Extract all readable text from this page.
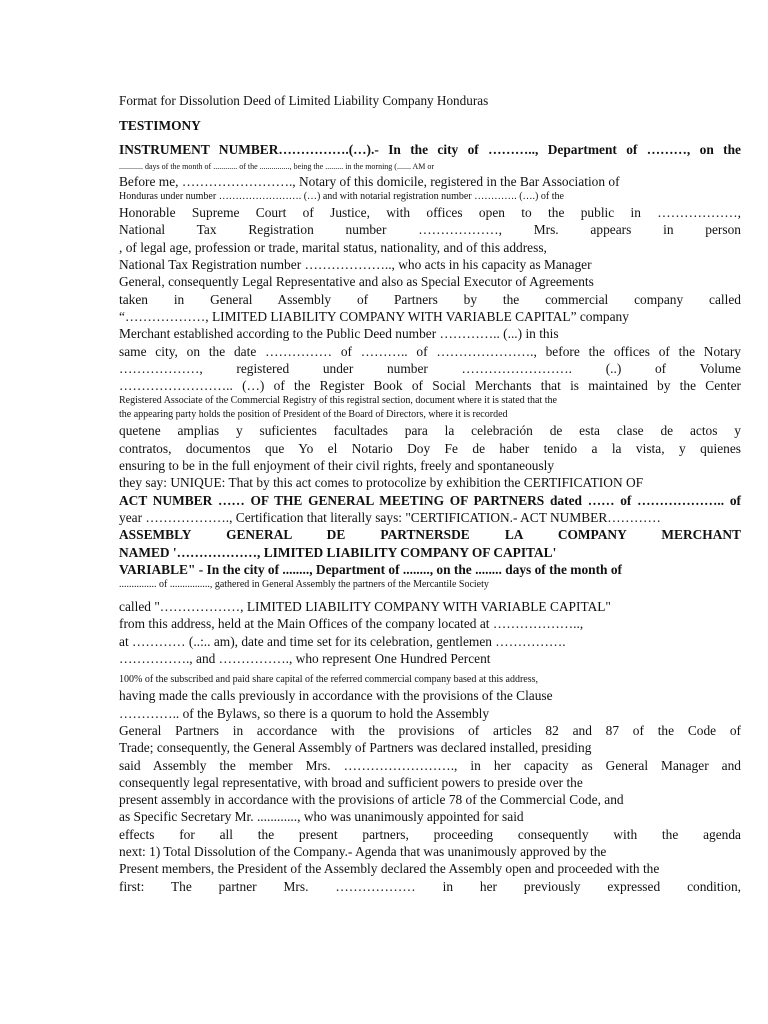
Format for Dissolution Deed of Limited Liability Company Honduras
TESTIMONY
INSTRUMENT NUMBER…………….(…).- In the city of ……….., Department of ………, on the
............ days of the month of ............ of the ..............., being the ......... in the morning (....... AM or
Before me, ……………………., Notary of this domicile, registered in the Bar Association of
Honduras under number ……………………. (…) and with notarial registration number …………. (….) of the
Honorable Supreme Court of Justice, with offices open to the public in ………………,
National Tax Registration number ………………, Mrs. appears in person
, of legal age, profession or trade, marital status, nationality, and of this address,
National Tax Registration number ……………….., who acts in his capacity as Manager
General, consequently Legal Representative and also as Special Executor of Agreements
taken in General Assembly of Partners by the commercial company called
“………………, LIMITED LIABILITY COMPANY WITH VARIABLE CAPITAL” company
Merchant established according to the Public Deed number ………….. (...) in this
same city, on the date …………… of ……….. of …………………., before the offices of the Notary
………………, registered under number ……………………. (..) of Volume
…………………….. (…) of the Register Book of Social Merchants that is maintained by the Center
Registered Associate of the Commercial Registry of this registral section, document where it is stated that the
the appearing party holds the position of President of the Board of Directors, where it is recorded
quetene amplias y suficientes facultades para la celebración de esta clase de actos y
contratos, documentos que Yo el Notario Doy Fe de haber tenido a la vista, y quienes
ensuring to be in the full enjoyment of their civil rights, freely and spontaneously
they say: UNIQUE: That by this act comes to protocolize by exhibition the CERTIFICATION OF
ACT NUMBER …… OF THE GENERAL MEETING OF PARTNERS dated …… of ……………….. of
year ………………., Certification that literally says: "CERTIFICATION.- ACT NUMBER…………
ASSEMBLY GENERAL DE PARTNERSDE LA COMPANY MERCHANT
NAMED '………………, LIMITED LIABILITY COMPANY OF CAPITAL'
VARIABLE" - In the city of ........, Department of ........, on the ........ days of the month of
............... of ................, gathered in General Assembly the partners of the Mercantile Society
called "………………, LIMITED LIABILITY COMPANY WITH VARIABLE CAPITAL"
from this address, held at the Main Offices of the company located at ………………..,
at ………… (..:.. am), date and time set for its celebration, gentlemen …………….
……………., and ……………., who represent One Hundred Percent
100% of the subscribed and paid share capital of the referred commercial company based at this address,
having made the calls previously in accordance with the provisions of the Clause
………….. of the Bylaws, so there is a quorum to hold the Assembly
General Partners in accordance with the provisions of articles 82 and 87 of the Code of
Trade; consequently, the General Assembly of Partners was declared installed, presiding
said Assembly the member Mrs. ……………………., in her capacity as General Manager and
consequently legal representative, with broad and sufficient powers to preside over the
present assembly in accordance with the provisions of article 78 of the Commercial Code, and
as Specific Secretary Mr. ............, who was unanimously appointed for said
effects for all the present partners, proceeding consequently with the agenda
next: 1) Total Dissolution of the Company.- Agenda that was unanimously approved by the
Present members, the President of the Assembly declared the Assembly open and proceeded with the
first: The partner Mrs. ……………… in her previously expressed condition,
